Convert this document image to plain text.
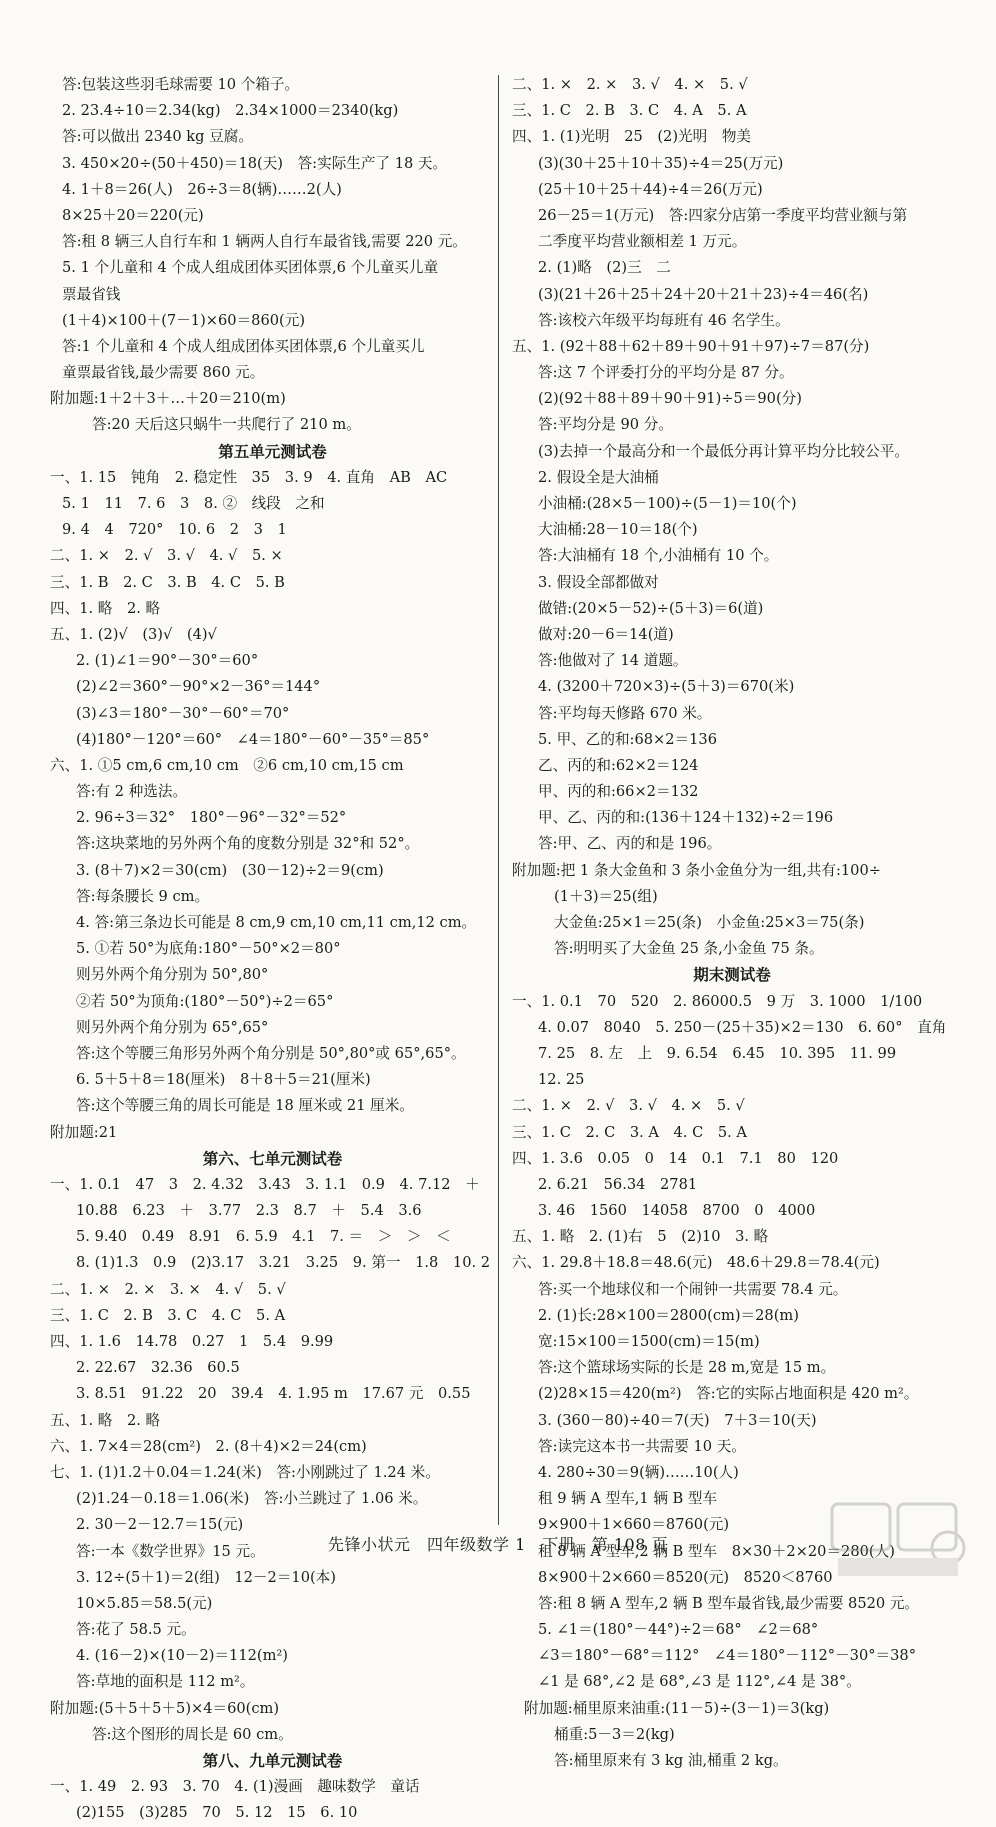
答:包装这些羽毛球需要 10 个箱子。
2. 23.4÷10＝2.34(kg)　2.34×1000＝2340(kg)
答:可以做出 2340 kg 豆腐。
3. 450×20÷(50＋450)＝18(天)　答:实际生产了 18 天。
4. 1＋8＝26(人)　26÷3＝8(辆)……2(人)
8×25＋20＝220(元)
答:租 8 辆三人自行车和 1 辆两人自行车最省钱,需要 220 元。
5. 1 个儿童和 4 个成人组成团体买团体票,6 个儿童买儿童
票最省钱
(1＋4)×100＋(7－1)×60＝860(元)
答:1 个儿童和 4 个成人组成团体买团体票,6 个儿童买儿
童票最省钱,最少需要 860 元。
附加题:1＋2＋3＋…＋20＝210(m)
答:20 天后这只蜗牛一共爬行了 210 m。
第五单元测试卷
一、1. 15　钝角　2. 稳定性　35　3. 9　4. 直角　AB　AC
5. 1　11　7. 6　3　8. ②　线段　之和
9. 4　4　720°　10. 6　2　3　1
二、1. ×　2. √　3. √　4. √　5. ×
三、1. B　2. C　3. B　4. C　5. B
四、1. 略　2. 略
五、1. (2)√　(3)√　(4)√
2. (1)∠1＝90°－30°＝60°
(2)∠2＝360°－90°×2－36°＝144°
(3)∠3＝180°－30°－60°＝70°
(4)180°－120°＝60°　∠4＝180°－60°－35°＝85°
六、1. ①5 cm,6 cm,10 cm　②6 cm,10 cm,15 cm
答:有 2 种选法。
2. 96÷3＝32°　180°－96°－32°＝52°
答:这块菜地的另外两个角的度数分别是 32°和 52°。
3. (8＋7)×2＝30(cm)　(30－12)÷2＝9(cm)
答:每条腰长 9 cm。
4. 答:第三条边长可能是 8 cm,9 cm,10 cm,11 cm,12 cm。
5. ①若 50°为底角:180°－50°×2＝80°
则另外两个角分别为 50°,80°
②若 50°为顶角:(180°－50°)÷2＝65°
则另外两个角分别为 65°,65°
答:这个等腰三角形另外两个角分别是 50°,80°或 65°,65°。
6. 5＋5＋8＝18(厘米)　8＋8＋5＝21(厘米)
答:这个等腰三角的周长可能是 18 厘米或 21 厘米。
附加题:21
第六、七单元测试卷
一、1. 0.1　47　3　2. 4.32　3.43　3. 1.1　0.9　4. 7.12　＋
10.88　6.23　＋　3.77　2.3　8.7　＋　5.4　3.6
5. 9.40　0.49　8.91　6. 5.9　4.1　7. ＝　＞　＞　＜
8. (1)1.3　0.9　(2)3.17　3.21　3.25　9. 第一　1.8　10. 2
二、1. ×　2. ×　3. ×　4. √　5. √
三、1. C　2. B　3. C　4. C　5. A
四、1. 1.6　14.78　0.27　1　5.4　9.99
2. 22.67　32.36　60.5
3. 8.51　91.22　20　39.4　4. 1.95 m　17.67 元　0.55
五、1. 略　2. 略
六、1. 7×4＝28(cm²)　2. (8＋4)×2＝24(cm)
七、1. (1)1.2＋0.04＝1.24(米)　答:小刚跳过了 1.24 米。
(2)1.24－0.18＝1.06(米)　答:小兰跳过了 1.06 米。
2. 30－2－12.7＝15(元)
答:一本《数学世界》15 元。
3. 12÷(5＋1)＝2(组)　12－2＝10(本)
10×5.85＝58.5(元)
答:花了 58.5 元。
4. (16－2)×(10－2)＝112(m²)
答:草地的面积是 112 m²。
附加题:(5＋5＋5＋5)×4＝60(cm)
答:这个图形的周长是 60 cm。
第八、九单元测试卷
一、1. 49　2. 93　3. 70　4. (1)漫画　趣味数学　童话
(2)155　(3)285　70　5. 12　15　6. 10
二、1. ×　2. ×　3. √　4. ×　5. √
三、1. C　2. B　3. C　4. A　5. A
四、1. (1)光明　25　(2)光明　物美
(3)(30＋25＋10＋35)÷4＝25(万元)
(25＋10＋25＋44)÷4＝26(万元)
26－25＝1(万元)　答:四家分店第一季度平均营业额与第
二季度平均营业额相差 1 万元。
2. (1)略　(2)三　二
(3)(21＋26＋25＋24＋20＋21＋23)÷4＝46(名)
答:该校六年级平均每班有 46 名学生。
五、1. (92＋88＋62＋89＋90＋91＋97)÷7＝87(分)
答:这 7 个评委打分的平均分是 87 分。
(2)(92＋88＋89＋90＋91)÷5＝90(分)
答:平均分是 90 分。
(3)去掉一个最高分和一个最低分再计算平均分比较公平。
2. 假设全是大油桶
小油桶:(28×5－100)÷(5－1)＝10(个)
大油桶:28－10＝18(个)
答:大油桶有 18 个,小油桶有 10 个。
3. 假设全部都做对
做错:(20×5－52)÷(5＋3)＝6(道)
做对:20－6＝14(道)
答:他做对了 14 道题。
4. (3200＋720×3)÷(5＋3)＝670(米)
答:平均每天修路 670 米。
5. 甲、乙的和:68×2＝136
乙、丙的和:62×2＝124
甲、丙的和:66×2＝132
甲、乙、丙的和:(136＋124＋132)÷2＝196
答:甲、乙、丙的和是 196。
附加题:把 1 条大金鱼和 3 条小金鱼分为一组,共有:100÷
(1＋3)＝25(组)
大金鱼:25×1＝25(条)　小金鱼:25×3＝75(条)
答:明明买了大金鱼 25 条,小金鱼 75 条。
期末测试卷
一、1. 0.1　70　520　2. 86000.5　9 万　3. 1000　1/100
4. 0.07　8040　5. 250－(25＋35)×2＝130　6. 60°　直角
7. 25　8. 左　上　9. 6.54　6.45　10. 395　11. 99
12. 25
二、1. ×　2. √　3. √　4. ×　5. √
三、1. C　2. C　3. A　4. C　5. A
四、1. 3.6　0.05　0　14　0.1　7.1　80　120
2. 6.21　56.34　2781
3. 46　1560　14058　8700　0　4000
五、1. 略　2. (1)右　5　(2)10　3. 略
六、1. 29.8＋18.8＝48.6(元)　48.6＋29.8＝78.4(元)
答:买一个地球仪和一个闹钟一共需要 78.4 元。
2. (1)长:28×100＝2800(cm)＝28(m)
宽:15×100＝1500(cm)＝15(m)
答:这个篮球场实际的长是 28 m,宽是 15 m。
(2)28×15＝420(m²)　答:它的实际占地面积是 420 m²。
3. (360－80)÷40＝7(天)　7＋3＝10(天)
答:读完这本书一共需要 10 天。
4. 280÷30＝9(辆)……10(人)
租 9 辆 A 型车,1 辆 B 型车
9×900＋1×660＝8760(元)
租 8 辆 A 型车,2 辆 B 型车　8×30＋2×20＝280(人)
8×900＋2×660＝8520(元)　8520＜8760
答:租 8 辆 A 型车,2 辆 B 型车最省钱,最少需要 8520 元。
5. ∠1＝(180°－44°)÷2＝68°　∠2＝68°
∠3＝180°－68°＝112°　∠4＝180°－112°－30°＝38°
∠1 是 68°,∠2 是 68°,∠3 是 112°,∠4 是 38°。
附加题:桶里原来油重:(11－5)÷(3－1)＝3(kg)
桶重:5－3＝2(kg)
答:桶里原来有 3 kg 油,桶重 2 kg。
先锋小状元　四年级数学 1　下册　第 108 页
